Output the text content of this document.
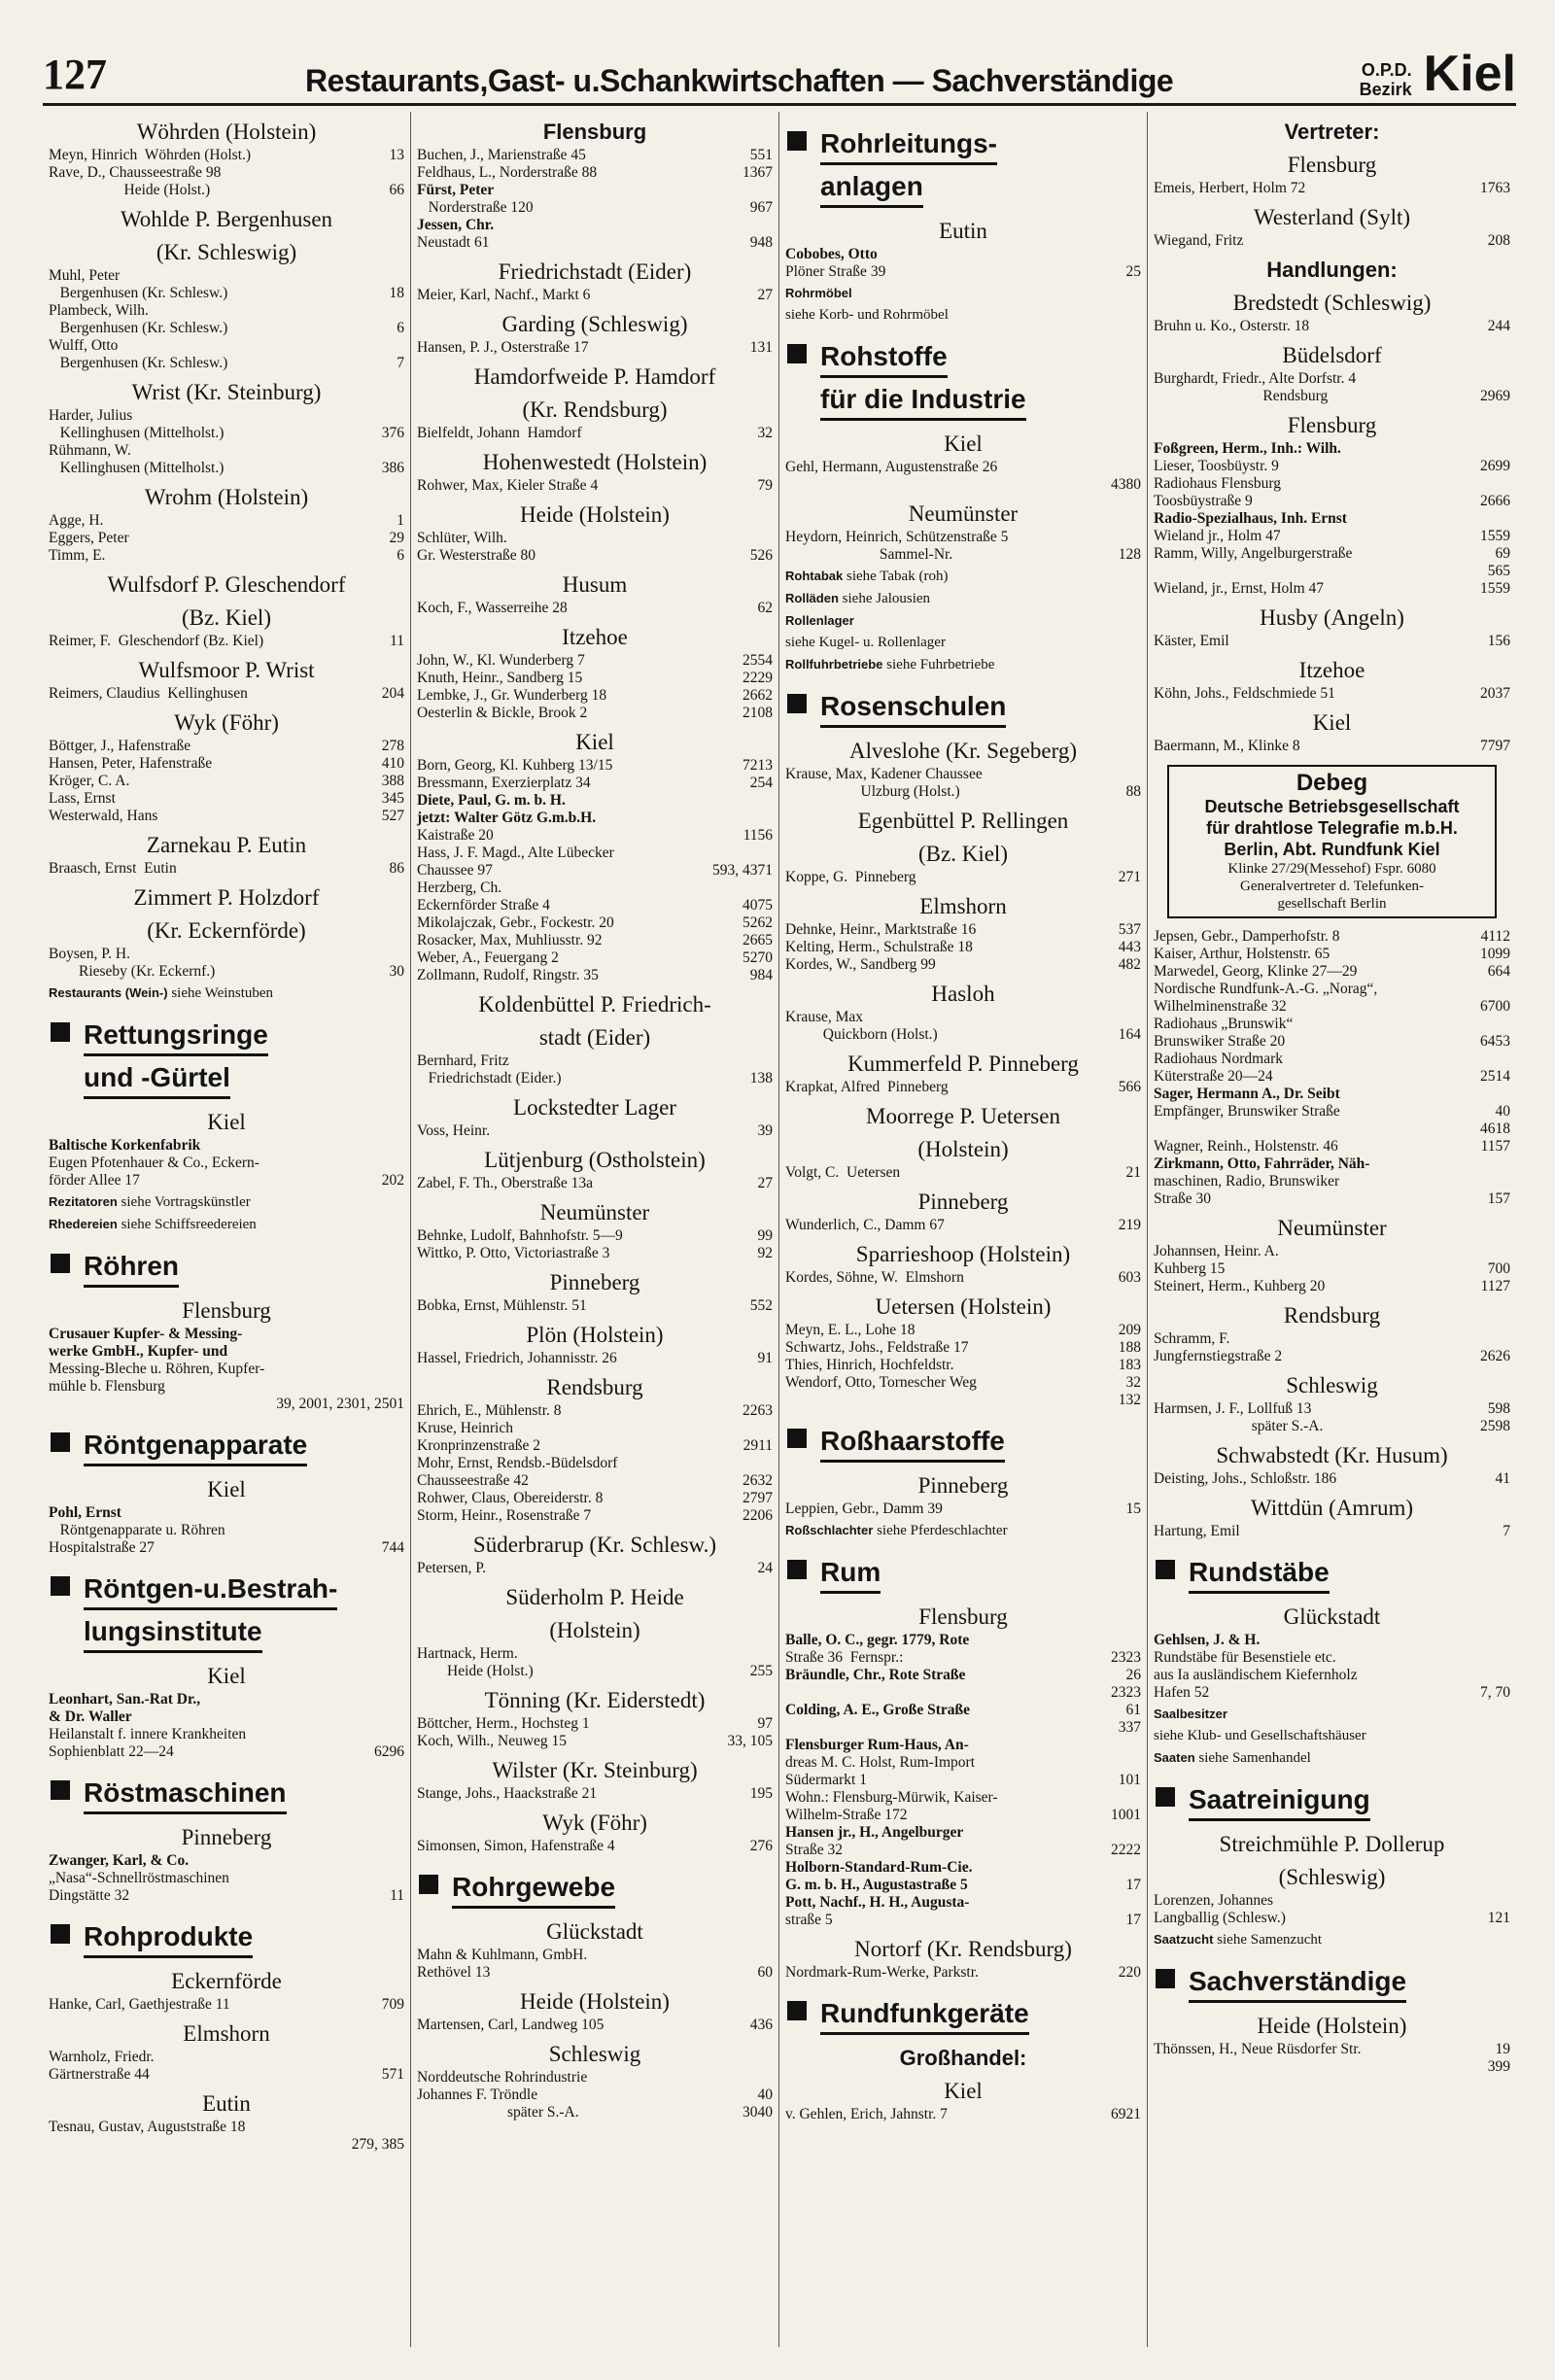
127	Restaurants,Gast- u.Schankwirtschaften — Sachverständige	O.P.D.
Bezirk Kiel
Wöhrden (Holstein)
Meyn, Hinrich  Wöhrden (Holst.)	13
Rave, D., Chausseestraße 98
Heide (Holst.)	66
Wohlde P. Bergenhusen
(Kr. Schleswig)
Muhl, Peter
Bergenhusen (Kr. Schlesw.)	18
Plambeck, Wilh.
Bergenhusen (Kr. Schlesw.)	6
Wulff, Otto
Bergenhusen (Kr. Schlesw.)	7
Wrist (Kr. Steinburg)
Harder, Julius
Kellinghusen (Mittelholst.)	376
Rühmann, W.
Kellinghusen (Mittelholst.)	386
Wrohm (Holstein)
Agge, H.	1
Eggers, Peter	29
Timm, E.	6
Wulfsdorf P. Gleschendorf
(Bz. Kiel)
Reimer, F.  Gleschendorf (Bz. Kiel)	11
Wulfsmoor P. Wrist
Reimers, Claudius  Kellinghusen	204
Wyk (Föhr)
Böttger, J., Hafenstraße	278
Hansen, Peter, Hafenstraße	410
Kröger, C. A.	388
Lass, Ernst	345
Westerwald, Hans	527
Zarnekau P. Eutin
Braasch, Ernst  Eutin	86
Zimmert P. Holzdorf
(Kr. Eckernförde)
Boysen, P. H.
Rieseby (Kr. Eckernf.)	30
Restaurants (Wein-) siehe Weinstuben
Rettungsringe
und -Gürtel
Kiel
Baltische Korkenfabrik
Eugen Pfotenhauer & Co., Eckern-
förder Allee 17	202
Rezitatoren siehe Vortragskünstler
Rhedereien siehe Schiffsreedereien
Röhren
Flensburg
Crusauer Kupfer- & Messing-
werke GmbH., Kupfer- und
Messing-Bleche u. Röhren, Kupfer-
mühle b. Flensburg
39, 2001, 2301, 2501
Röntgenapparate
Kiel
Pohl, Ernst
Röntgenapparate u. Röhren
Hospitalstraße 27	744
Röntgen-u.Bestrah-
lungsinstitute
Kiel
Leonhart, San.-Rat Dr.,
& Dr. Waller
Heilanstalt f. innere Krankheiten
Sophienblatt 22—24	6296
Röstmaschinen
Pinneberg
Zwanger, Karl, & Co.
„Nasa“-Schnellröstmaschinen
Dingstätte 32	11
Rohprodukte
Eckernförde
Hanke, Carl, Gaethjestraße 11	709
Elmshorn
Warnholz, Friedr.
Gärtnerstraße 44	571
Eutin
Tesnau, Gustav, Auguststraße 18
279, 385
Flensburg
Buchen, J., Marienstraße 45	551
Feldhaus, L., Norderstraße 88	1367
Fürst, Peter
Norderstraße 120	967
Jessen, Chr.
Neustadt 61	948
Friedrichstadt (Eider)
Meier, Karl, Nachf., Markt 6	27
Garding (Schleswig)
Hansen, P. J., Osterstraße 17	131
Hamdorfweide P. Hamdorf
(Kr. Rendsburg)
Bielfeldt, Johann  Hamdorf	32
Hohenwestedt (Holstein)
Rohwer, Max, Kieler Straße 4	79
Heide (Holstein)
Schlüter, Wilh.
Gr. Westerstraße 80	526
Husum
Koch, F., Wasserreihe 28	62
Itzehoe
John, W., Kl. Wunderberg 7	2554
Knuth, Heinr., Sandberg 15	2229
Lembke, J., Gr. Wunderberg 18	2662
Oesterlin & Bickle, Brook 2	2108
Kiel
Born, Georg, Kl. Kuhberg 13/15	7213
Bressmann, Exerzierplatz 34	254
Diete, Paul, G. m. b. H.
jetzt: Walter Götz G.m.b.H.
Kaistraße 20	1156
Hass, J. F. Magd., Alte Lübecker
Chaussee 97	593, 4371
Herzberg, Ch.
Eckernförder Straße 4	4075
Mikolajczak, Gebr., Fockestr. 20	5262
Rosacker, Max, Muhliusstr. 92	2665
Weber, A., Feuergang 2	5270
Zollmann, Rudolf, Ringstr. 35	984
Koldenbüttel P. Friedrich-
stadt (Eider)
Bernhard, Fritz
Friedrichstadt (Eider.)	138
Lockstedter Lager
Voss, Heinr.	39
Lütjenburg (Ostholstein)
Zabel, F. Th., Oberstraße 13a	27
Neumünster
Behnke, Ludolf, Bahnhofstr. 5—9	99
Wittko, P. Otto, Victoriastraße 3	92
Pinneberg
Bobka, Ernst, Mühlenstr. 51	552
Plön (Holstein)
Hassel, Friedrich, Johannisstr. 26	91
Rendsburg
Ehrich, E., Mühlenstr. 8	2263
Kruse, Heinrich
Kronprinzenstraße 2	2911
Mohr, Ernst, Rendsb.-Büdelsdorf
Chausseestraße 42	2632
Rohwer, Claus, Obereiderstr. 8	2797
Storm, Heinr., Rosenstraße 7	2206
Süderbrarup (Kr. Schlesw.)
Petersen, P.	24
Süderholm P. Heide
(Holstein)
Hartnack, Herm.
Heide (Holst.)	255
Tönning (Kr. Eiderstedt)
Böttcher, Herm., Hochsteg 1	97
Koch, Wilh., Neuweg 15	33, 105
Wilster (Kr. Steinburg)
Stange, Johs., Haackstraße 21	195
Wyk (Föhr)
Simonsen, Simon, Hafenstraße 4	276
Rohrgewebe
Glückstadt
Mahn & Kuhlmann, GmbH.
Rethövel 13	60
Heide (Holstein)
Martensen, Carl, Landweg 105	436
Schleswig
Norddeutsche Rohrindustrie
Johannes F. Tröndle	40
später S.-A.	3040
Rohrleitungs-
anlagen
Eutin
Cobobes, Otto
Plöner Straße 39	25
Rohrmöbel
siehe Korb- und Rohrmöbel
Rohstoffe
für die Industrie
Kiel
Gehl, Hermann, Augustenstraße 26
4380
Neumünster
Heydorn, Heinrich, Schützenstraße 5
Sammel-Nr.	128
Rohtabak siehe Tabak (roh)
Rolläden siehe Jalousien
Rollenlager
siehe Kugel- u. Rollenlager
Rollfuhrbetriebe siehe Fuhrbetriebe
Rosenschulen
Alveslohe (Kr. Segeberg)
Krause, Max, Kadener Chaussee
Ulzburg (Holst.)	88
Egenbüttel P. Rellingen
(Bz. Kiel)
Koppe, G.  Pinneberg	271
Elmshorn
Dehnke, Heinr., Marktstraße 16	537
Kelting, Herm., Schulstraße 18	443
Kordes, W., Sandberg 99	482
Hasloh
Krause, Max
Quickborn (Holst.)	164
Kummerfeld P. Pinneberg
Krapkat, Alfred  Pinneberg	566
Moorrege P. Uetersen
(Holstein)
Volgt, C.  Uetersen	21
Pinneberg
Wunderlich, C., Damm 67	219
Sparrieshoop (Holstein)
Kordes, Söhne, W.  Elmshorn	603
Uetersen (Holstein)
Meyn, E. L., Lohe 18	209
Schwartz, Johs., Feldstraße 17	188
Thies, Hinrich, Hochfeldstr.	183
Wendorf, Otto, Tornescher Weg	32
132
Roßhaarstoffe
Pinneberg
Leppien, Gebr., Damm 39	15
Roßschlachter siehe Pferdeschlachter
Rum
Flensburg
Balle, O. C., gegr. 1779, Rote
Straße 36  Fernspr.:	2323
Bräundle, Chr., Rote Straße	26
2323
Colding, A. E., Große Straße	61
337
Flensburger Rum-Haus, An-
dreas M. C. Holst, Rum-Import
Südermarkt 1	101
Wohn.: Flensburg-Mürwik, Kaiser-
Wilhelm-Straße 172	1001
Hansen jr., H., Angelburger
Straße 32	2222
Holborn-Standard-Rum-Cie.
G. m. b. H., Augustastraße 5	17
Pott, Nachf., H. H., Augusta-
straße 5	17
Nortorf (Kr. Rendsburg)
Nordmark-Rum-Werke, Parkstr.	220
Rundfunkgeräte
Großhandel:
Kiel
v. Gehlen, Erich, Jahnstr. 7	6921
Vertreter:
Flensburg
Emeis, Herbert, Holm 72	1763
Westerland (Sylt)
Wiegand, Fritz	208
Handlungen:
Bredstedt (Schleswig)
Bruhn u. Ko., Osterstr. 18	244
Büdelsdorf
Burghardt, Friedr., Alte Dorfstr. 4
Rendsburg	2969
Flensburg
Foßgreen, Herm., Inh.: Wilh.
Lieser, Toosbüystr. 9	2699
Radiohaus Flensburg
Toosbüystraße 9	2666
Radio-Spezialhaus, Inh. Ernst
Wieland jr., Holm 47	1559
Ramm, Willy, Angelburgerstraße	69
565
Wieland, jr., Ernst, Holm 47	1559
Husby (Angeln)
Käster, Emil	156
Itzehoe
Köhn, Johs., Feldschmiede 51	2037
Kiel
Baermann, M., Klinke 8	7797
Debeg
Deutsche Betriebsgesellschaft
für drahtlose Telegrafie m.b.H.
Berlin, Abt. Rundfunk Kiel
Klinke 27/29(Messehof) Fspr. 6080
Generalvertreter d. Telefunken-
gesellschaft Berlin
Jepsen, Gebr., Damperhofstr. 8	4112
Kaiser, Arthur, Holstenstr. 65	1099
Marwedel, Georg, Klinke 27—29	664
Nordische Rundfunk-A.-G. „Norag“,
Wilhelminenstraße 32	6700
Radiohaus „Brunswik“
Brunswiker Straße 20	6453
Radiohaus Nordmark
Küterstraße 20—24	2514
Sager, Hermann A., Dr. Seibt
Empfänger, Brunswiker Straße	40
4618
Wagner, Reinh., Holstenstr. 46	1157
Zirkmann, Otto, Fahrräder, Näh-
maschinen, Radio, Brunswiker
Straße 30	157
Neumünster
Johannsen, Heinr. A.
Kuhberg 15	700
Steinert, Herm., Kuhberg 20	1127
Rendsburg
Schramm, F.
Jungfernstiegstraße 2	2626
Schleswig
Harmsen, J. F., Lollfuß 13	598
später S.-A.	2598
Schwabstedt (Kr. Husum)
Deisting, Johs., Schloßstr. 186	41
Wittdün (Amrum)
Hartung, Emil	7
Rundstäbe
Glückstadt
Gehlsen, J. & H.
Rundstäbe für Besenstiele etc.
aus Ia ausländischem Kiefernholz
Hafen 52	7, 70
Saalbesitzer
siehe Klub- und Gesellschaftshäuser
Saaten siehe Samenhandel
Saatreinigung
Streichmühle P. Dollerup
(Schleswig)
Lorenzen, Johannes
Langballig (Schlesw.)	121
Saatzucht siehe Samenzucht
Sachverständige
Heide (Holstein)
Thönssen, H., Neue Rüsdorfer Str.	19
399
